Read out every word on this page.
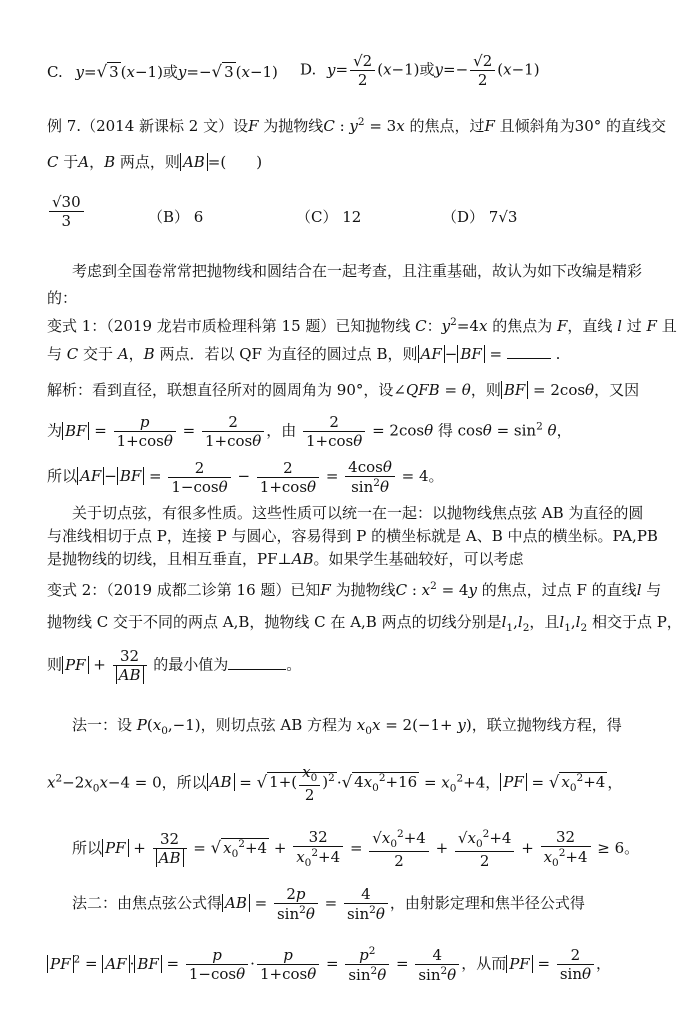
C. y=√ 3 (x−1)或y=−√ 3 (x−1) D. $y= \frac{√2}{2} (x-1)$或$y=- \frac{√2}{2} (x-1)$
例 7.（2014 新课标 2 文）设F 为抛物线C : $y^2 = 3x$ 的焦点，过F 且倾斜角为30° 的直线交
C 于A，B 两点，则 AB =(　　)
$\frac{√30}{3}$	（B） 6	（C） 12	（D） 7√3
考虑到全国卷常常把抛物线和圆结合在一起考查，且注重基础，故认为如下改编是精彩
的：
变式 1：（2019 龙岩市质检理科第 15 题）已知抛物线 C：$y^2=4x$ 的焦点为 F，直线 l 过 F 且
与 C 交于 A，B 两点．若以 QF 为直径的圆过点 B，则 AF − BF =	.
解析：看到直径，联想直径所对的圆周角为 90°，设∠QFB = θ，则 BF = 2cosθ，又因
为 BF = $\frac{p}{1+\cos\theta} = \frac{2}{1+\cos\theta}$ ，由 $\frac{2}{1+\cos\theta} = 2\cos\theta$ 得 $\cos\theta = \sin^2 \theta$，
所以 AF − BF = $\frac{2}{1-\cos\theta} - \frac{2}{1+\cos\theta} = \frac{4\cos\theta}{\sin^2\theta} = 4$。
关于切点弦，有很多性质。这些性质可以统一在一起：以抛物线焦点弦 AB 为直径的圆
与准线相切于点 P，连接 P 与圆心，容易得到 P 的横坐标就是 A、B 中点的横坐标。PA,PB
是抛物线的切线，且相互垂直，PF⊥AB。如果学生基础较好，可以考虑
变式 2：（2019 成都二诊第 16 题）已知F 为抛物线C : $x^2 = 4y$ 的焦点，过点 F 的直线l 与
抛物线 C 交于不同的两点 A,B，抛物线 C 在 A,B 两点的切线分别是$l_1,l_2$，且$l_1,l_2$ 相交于点 P，
则 PF + $\frac{32}{AB}$ 的最小值为	。
法一：设 $P(x_0,-1)$，则切点弦 AB 方程为 $x_0x = 2(-1+ y)$，联立抛物线方程，得
$x^2-2x_0x-4 = 0$，所以 AB = √ $1+( \frac{x_0}{2} )^2$ ·√ $4x_0^2+16 = x_0^2+4$， PF = √ $x_0^2+4$ ，
所以 PF + $\frac{32}{AB}$ = √ $x_0^2+4 + \frac{32}{x_0^2+4} = \frac{√x_0^2+4}{2} + \frac{√x_0^2+4}{2} + \frac{32}{x_0^2+4} \ge 6$。
法二：由焦点弦公式得 AB = $\frac{2p}{\sin^2\theta} = \frac{4}{\sin^2\theta}$ ，由射影定理和焦半径公式得
PF $^2$ = AF · BF = $\frac{p}{1-\cos\theta} \cdot \frac{p}{1+\cos\theta} = \frac{p^2}{\sin^2\theta} = \frac{4}{\sin^2\theta}$ ，从而 PF = $\frac{2}{\sin\theta}$ ，
